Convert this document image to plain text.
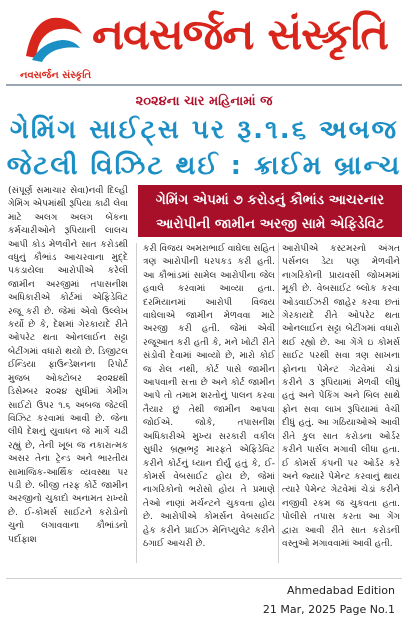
નવસર્જન સંસ્કૃતિ
નવસર્જન સંસ્કૃતિ
૨૦૨૪ના ચાર મહિનામાં જ
ગેમિંગ સાઈટ્સ પર રૂ.૧.૬ અબજ
જેટલી વિઝિટ થઈ : ક્રાઈમ બ્રાન્ચ
(સંપૂર્ણ સમાચાર સેવા)નવી દિલ્હી ગેમિંગ એપમાંથી રૂપિયા કાઢી લેવા માટે અલગ અલગ બેંકના કર્મચારીઓને રૂપિયાની લાલચ આપી કોડ મેળવીને સાત કરોડથી વધુનું કૌભાંડ આચરવાના મુદ્દે પકડાયેલા આરોપીએ કરેલી જામીન અરજીમાં તપાસનીશ અધિકારીએ કોર્ટમાં એફિડેવિટ રજૂ કરી છે. જેમાં એવો ઉલ્લેખ કર્યો છે કે, દેશમાં ગેરકાયદે રીતે ઓપરેટ થતા ઓનલાઈન સટ્ટા બેટીંગમાં વધારો થયો છે. ડિજીટલ ઈન્ડિયા ફાઉન્ડેશનના રિપોર્ટ મુજબ ઓક્ટોબર ૨૦૨૪થી ડિસેમ્બર ૨૦૨૪ સુધીમાં ગેમીંગ સાઈટો ઉપર ૧.૬ અબજ જેટલી વિઝિટ કરવામાં આવી છે. જેના લીધે દેશનું યુવાધન જે માર્ગે ચઢી રહ્યું છે, તેની ખૂબ જ નકારાત્મક અસર તેના ટ્રેન્ડ અને ભારતીય સામાજિક-આર્થિક વ્યવસ્થા પર પડી છે. બીજી તરફ કોર્ટે જામીન અરજીનો ચુકાદો અનામત રાખ્યો છે. ઈ-કોમર્સ સાઈટને કરોડોનો ચુનો લગાવવાના કૌભાંડનો પર્દાફાશ
ગેમિંગ એપમાં ૭ કરોડનું કૌભાંડ આચરનાર આરોપીની જામીન અરજી સામે એફિડેવિટ
કરી વિજય અમરાભાઈ વાઘેલા સહિત ત્રણ આરોપીની ધરપકડ કરી હતી. આ કૌભાંડમાં સામેલ આરોપીના જેલ હવાલે કરવામાં આવ્યા હતા. દરમિયાનમાં આરોપી વિજય વાઘેલાએ જામીન મેળવવા માટે અરજી કરી હતી. જેમાં એવી રજૂઆત કરી હતી કે, મને ખોટી રીતે સંડોવી દેવામાં આવ્યો છે, મારો કોઈ જ રોલ નથી, કોર્ટ પાસે જામીન આપવાની સત્તા છે અને કોર્ટ જામીન આપે તો તમામ શરતોનું પાલન કરવા તૈયાર છું તેથી જામીન આપવા જોઈએ. જોકે, તપાસનીશ અધિકારીએ મુખ્ય સરકારી વકીલ સુધીર બ્રહ્મભટ્ટ મારફતે એફિડેવિટ કરીને કોર્ટનું ધ્યાન દોર્યું હતું કે, ઈ-કોમર્સ વેબસાઈટ હોય છે, જેમાં નાગરિકોનો ભરોસો હોય તે પ્રમાણે તેઓ નાણાં મર્ચન્ટને ચુકવતા હોય છે. આરોપીએ કોમર્સન વેબસાઈટ હેક કરીને પ્રાઈઝ મેનિપ્યુલેટ કરીને ઠગાઈ આચરી છે.
આરોપીએ કસ્ટમરનો અંગત પર્સનલ ડેટા પણ મેળવીને નાગરિકોની પ્રાયવસી જોખમમાં મૂકી છે. વેબસાઈટ બ્લોક કરવા ઓડવાઈઝરી જાહેર કરવા છતાં ગેરકાયદે રીતે ઓપરેટ થતા ઓનલાઈન સટ્ટા બેટીંગમાં વધારો થઈ રહ્યો છે. આ ગેંગે ઇ કોમર્સ સાઈટ પરથી સવા ત્રણ સાખના ફોનના પેમેન્ટ ગેટવેમાં ચેડાં કરીને ૩ રૂપિયામાં મેળવી લીધું હતું અને પેકિંગ અને બિલ સાથે ફોન સવા લાખ રૂપિયામાં વેચી દીધું હતું. આ ગઠિયાઓએ આવી રીતે કુલ સાત કરોડના ઓર્ડર કરીને પાર્સલ મગાવી લીધા હતા. ઈ કોમર્સ કંપની પર ઓર્ડર કરે અને જ્યારે પેમેન્ટ કરવાનું થાય ત્યારે પેમેન્ટ ગેટવેમાં ચેડાં કરીને નજીવી રકમ જ ચુકવતા હતા. પોલીસે તપાસ કરતા આ ગેંગ દ્વારા આવી રીતે સાત કરોડની વસ્તુઓ મગાવવામાં આવી હતી.
Ahmedabad Edition
21 Mar, 2025 Page No.1
